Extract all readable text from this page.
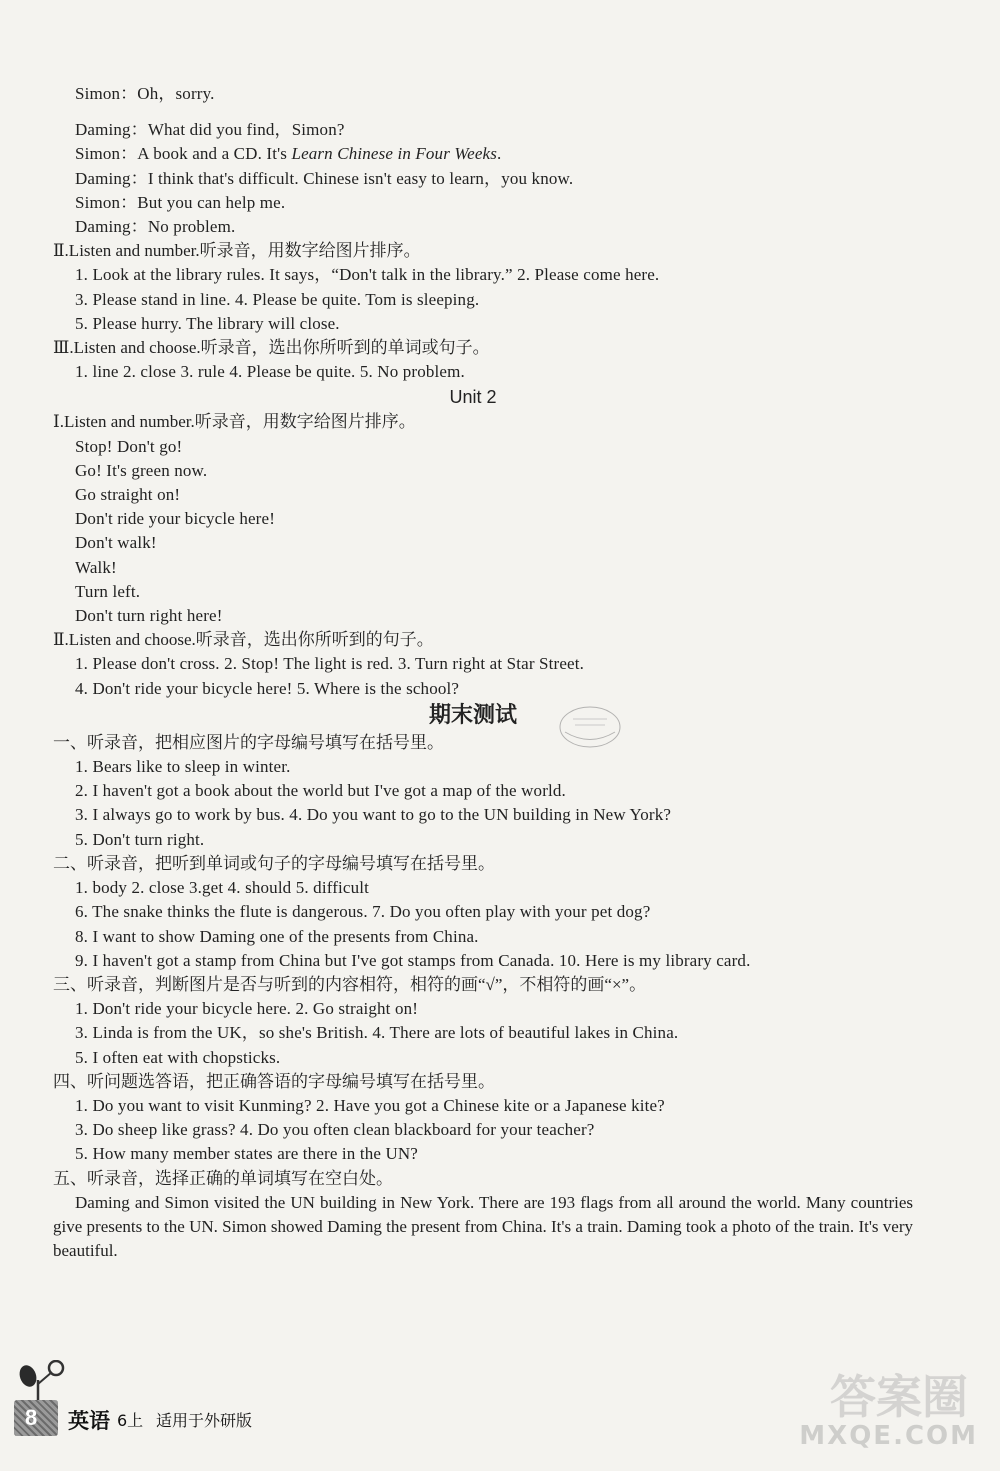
Simon：Oh，sorry.
Daming：What did you find，Simon?
Simon：A book and a CD. It's Learn Chinese in Four Weeks.
Daming：I think that's difficult. Chinese isn't easy to learn，you know.
Simon：But you can help me.
Daming：No problem.
Ⅱ.Listen and number.听录音，用数字给图片排序。
1. Look at the library rules. It says，“Don't talk in the library.” 2. Please come here.
3. Please stand in line. 4. Please be quite. Tom is sleeping.
5. Please hurry. The library will close.
Ⅲ.Listen and choose.听录音，选出你所听到的单词或句子。
1. line 2. close 3. rule 4. Please be quite. 5. No problem.
Unit 2
Ⅰ.Listen and number.听录音，用数字给图片排序。
Stop! Don't go!
Go! It's green now.
Go straight on!
Don't ride your bicycle here!
Don't walk!
Walk!
Turn left.
Don't turn right here!
Ⅱ.Listen and choose.听录音，选出你所听到的句子。
1. Please don't cross. 2. Stop! The light is red. 3. Turn right at Star Street.
4. Don't ride your bicycle here! 5. Where is the school?
期末测试
一、听录音，把相应图片的字母编号填写在括号里。
1. Bears like to sleep in winter.
2. I haven't got a book about the world but I've got a map of the world.
3. I always go to work by bus. 4. Do you want to go to the UN building in New York?
5. Don't turn right.
二、听录音，把听到单词或句子的字母编号填写在括号里。
1. body 2. close 3.get 4. should 5. difficult
6. The snake thinks the flute is dangerous. 7. Do you often play with your pet dog?
8. I want to show Daming one of the presents from China.
9. I haven't got a stamp from China but I've got stamps from Canada. 10. Here is my library card.
三、听录音，判断图片是否与听到的内容相符，相符的画“√”，不相符的画“×”。
1. Don't ride your bicycle here. 2. Go straight on!
3. Linda is from the UK，so she's British. 4. There are lots of beautiful lakes in China.
5. I often eat with chopsticks.
四、听问题选答语，把正确答语的字母编号填写在括号里。
1. Do you want to visit Kunming? 2. Have you got a Chinese kite or a Japanese kite?
3. Do sheep like grass? 4. Do you often clean blackboard for your teacher?
5. How many member states are there in the UN?
五、听录音，选择正确的单词填写在空白处。
Daming and Simon visited the UN building in New York. There are 193 flags from all around the world. Many countries give presents to the UN. Simon showed Daming the present from China. It's a train. Daming took a photo of the train. It's very beautiful.
8 英语 6上 适用于外研版	答案圈
MXQE.COM
